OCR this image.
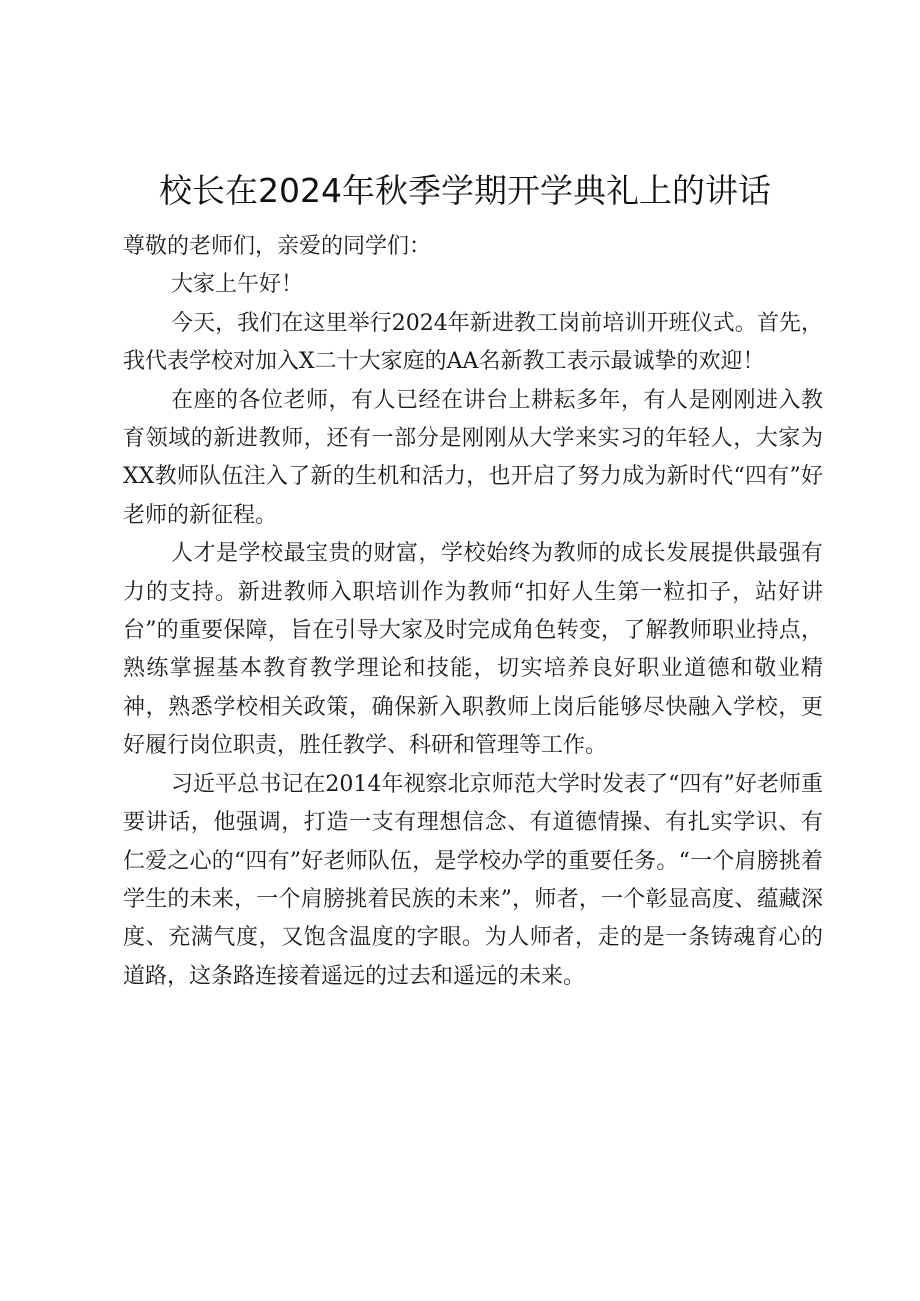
校长在2024年秋季学期开学典礼上的讲话

尊敬的老师们，亲爱的同学们：

大家上午好！

今天，我们在这里举行2024年新进教工岗前培训开班仪式。首先，我代表学校对加入X二十大家庭的AA名新教工表示最诚挚的欢迎！

在座的各位老师，有人已经在讲台上耕耘多年，有人是刚刚进入教育领域的新进教师，还有一部分是刚刚从大学来实习的年轻人，大家为XX教师队伍注入了新的生机和活力，也开启了努力成为新时代“四有”好老师的新征程。

人才是学校最宝贵的财富，学校始终为教师的成长发展提供最强有力的支持。新进教师入职培训作为教师“扣好人生第一粒扣子，站好讲台”的重要保障，旨在引导大家及时完成角色转变，了解教师职业持点，熟练掌握基本教育教学理论和技能，切实培养良好职业道德和敬业精神，熟悉学校相关政策，确保新入职教师上岗后能够尽快融入学校，更好履行岗位职责，胜任教学、科研和管理等工作。

习近平总书记在2014年视察北京师范大学时发表了“四有”好老师重要讲话，他强调，打造一支有理想信念、有道德情操、有扎实学识、有仁爱之心的“四有”好老师队伍，是学校办学的重要任务。“一个肩膀挑着学生的未来，一个肩膀挑着民族的未来”，师者，一个彰显高度、蕴藏深度、充满气度，又饱含温度的字眼。为人师者，走的是一条铸魂育心的道路，这条路连接着遥远的过去和遥远的未来。
